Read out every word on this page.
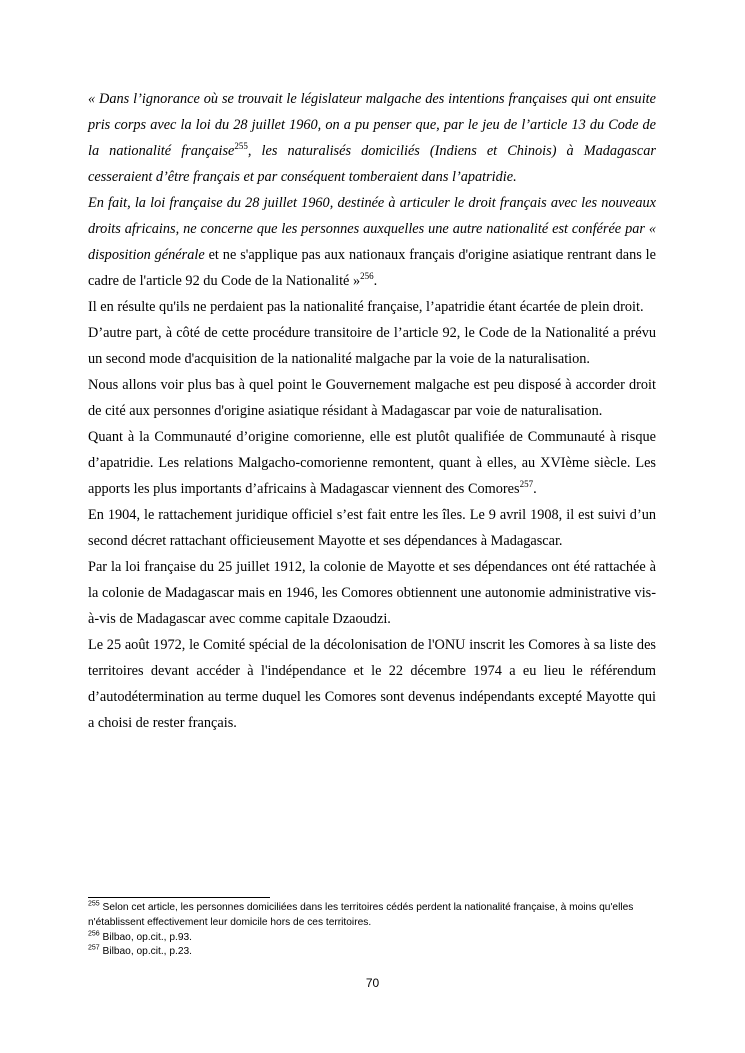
« Dans l’ignorance où se trouvait le législateur malgache des intentions françaises qui ont ensuite pris corps avec la loi du 28 juillet 1960, on a pu penser que, par le jeu de l’article 13 du Code de la nationalité française$^{255}$, les naturalisés domiciliés (Indiens et Chinois) à Madagascar cesseraient d’être français et par conséquent tomberaient dans l’apatridie.

En fait, la loi française du 28 juillet 1960, destinée à articuler le droit français avec les nouveaux droits africains, ne concerne que les personnes auxquelles une autre nationalité est conférée par « disposition générale et ne s'applique pas aux nationaux français d'origine asiatique rentrant dans le cadre de l'article 92 du Code de la Nationalité »$^{256}$.

Il en résulte qu'ils ne perdaient pas la nationalité française, l’apatridie étant écartée de plein droit.

D’autre part, à côté de cette procédure transitoire de l’article 92, le Code de la Nationalité a prévu un second mode d'acquisition de la nationalité malgache par la voie de la naturalisation.

Nous allons voir plus bas à quel point le Gouvernement malgache est peu disposé à accorder droit de cité aux personnes d'origine asiatique résidant à Madagascar par voie de naturalisation.

Quant à la Communauté d’origine comorienne, elle est plutôt qualifiée de Communauté à risque d’apatridie. Les relations Malgacho-comorienne remontent, quant à elles, au XVIème siècle. Les apports les plus importants d’africains à Madagascar viennent des Comores$^{257}$.

En 1904, le rattachement juridique officiel s’est fait entre les îles. Le 9 avril 1908, il est suivi d’un second décret rattachant officieusement Mayotte et ses dépendances à Madagascar.

Par la loi française du 25 juillet 1912, la colonie de Mayotte et ses dépendances ont été rattachée à la colonie de Madagascar mais en 1946, les Comores obtiennent une autonomie administrative vis-à-vis de Madagascar avec comme capitale Dzaoudzi.

Le 25 août 1972, le Comité spécial de la décolonisation de l'ONU inscrit les Comores à sa liste des territoires devant accéder à l'indépendance et le 22 décembre 1974 a eu lieu le référendum d’autodétermination au terme duquel les Comores sont devenus indépendants excepté Mayotte qui a choisi de rester français.

$^{255}$ Selon cet article, les personnes domiciliées dans les territoires cédés perdent la nationalité française, à moins qu'elles n'établissent effectivement leur domicile hors de ces territoires.

$^{256}$ Bilbao, op.cit., p.93.

$^{257}$ Bilbao, op.cit., p.23.

70
